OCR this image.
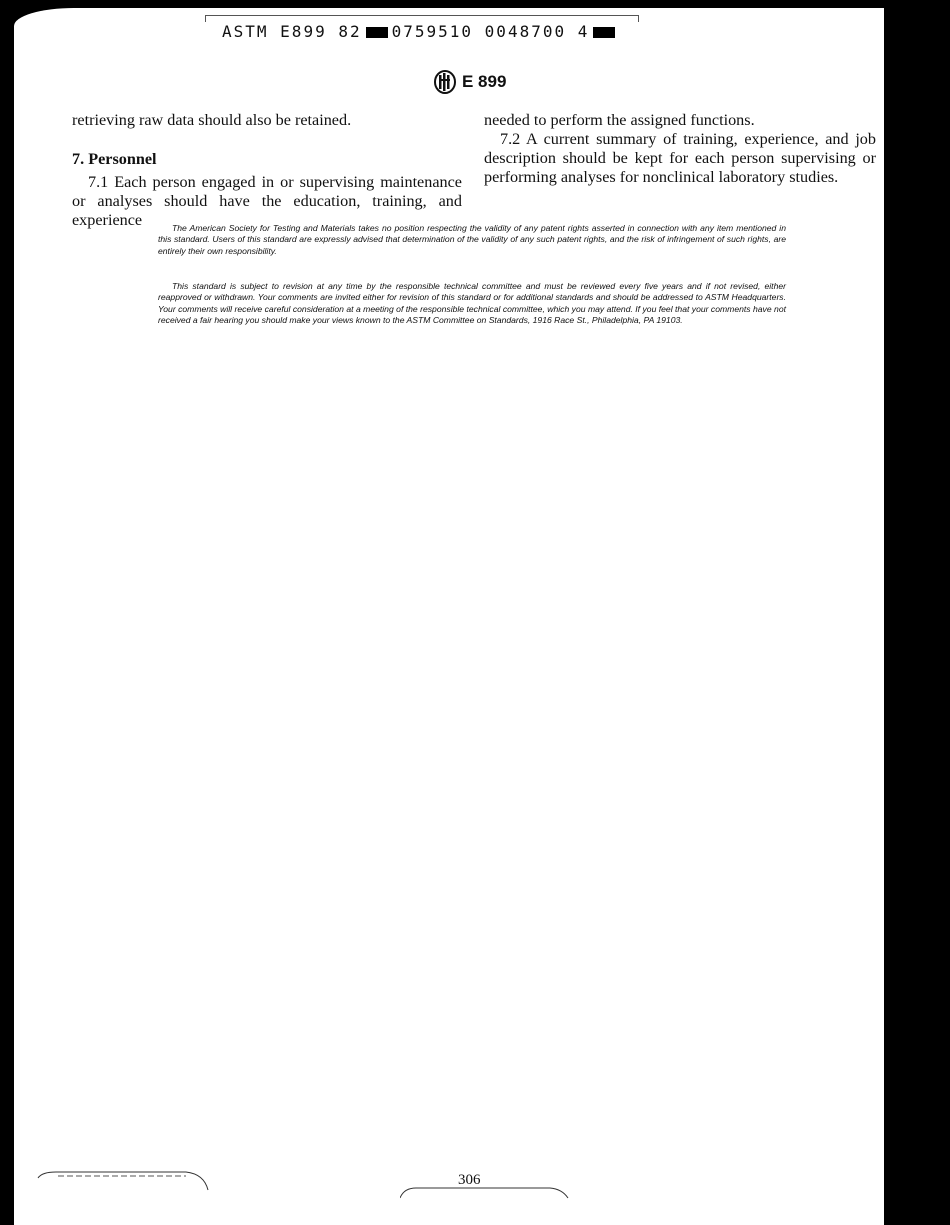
ASTM E899 82 0759510 0048700 4
E 899

retrieving raw data should also be retained.

7. Personnel

7.1 Each person engaged in or supervising maintenance or analyses should have the education, training, and experience

needed to perform the assigned functions.

7.2 A current summary of training, experience, and job description should be kept for each person supervising or performing analyses for nonclinical laboratory studies.

The American Society for Testing and Materials takes no position respecting the validity of any patent rights asserted in connection with any item mentioned in this standard. Users of this standard are expressly advised that determination of the validity of any such patent rights, and the risk of infringement of such rights, are entirely their own responsibility.

This standard is subject to revision at any time by the responsible technical committee and must be reviewed every five years and if not revised, either reapproved or withdrawn. Your comments are invited either for revision of this standard or for additional standards and should be addressed to ASTM Headquarters. Your comments will receive careful consideration at a meeting of the responsible technical committee, which you may attend. If you feel that your comments have not received a fair hearing you should make your views known to the ASTM Committee on Standards, 1916 Race St., Philadelphia, PA 19103.

306
